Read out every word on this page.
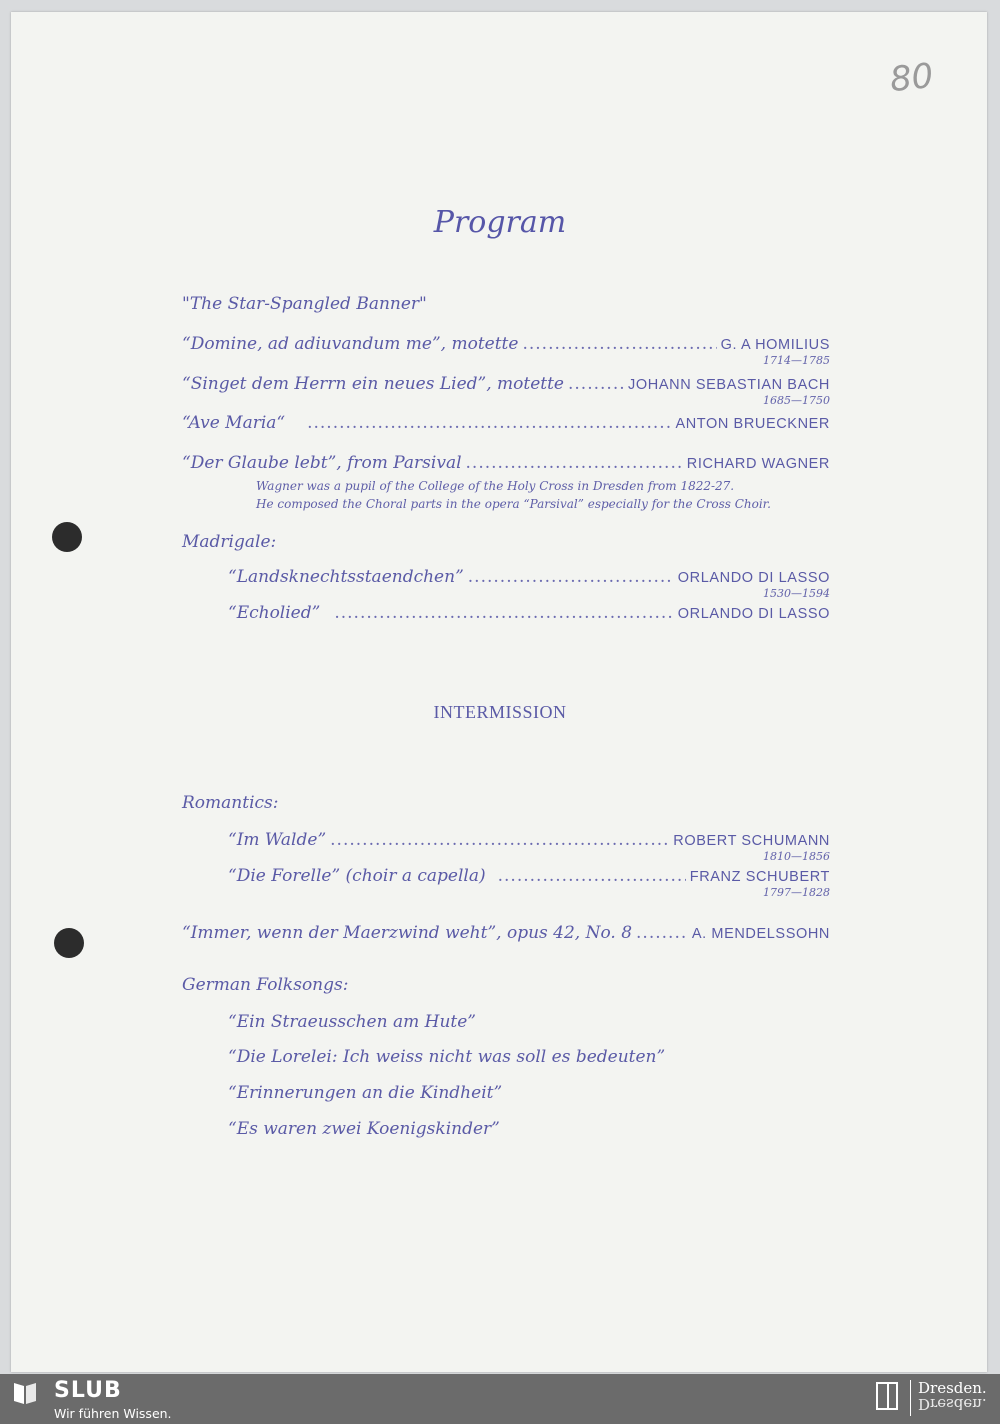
80
Program
"The Star-Spangled Banner"
“Domine, ad adiuvandum me”, motette .....	G. A HOMILIUS
1714—1785
“Singet dem Herrn ein neues Lied”, motette .....	JOHANN SEBASTIAN BACH
1685—1750
“Ave Maria“ .....	ANTON BRUECKNER
“Der Glaube lebt”, from Parsival .....	RICHARD WAGNER
Wagner was a pupil of the College of the Holy Cross in Dresden from 1822-27.
He composed the Choral parts in the opera “Parsival” especially for the Cross Choir.
Madrigale:
“Landsknechtsstaendchen” .....	ORLANDO DI LASSO
1530—1594
“Echolied” .....	ORLANDO DI LASSO
INTERMISSION
Romantics:
“Im Walde” .....	ROBERT SCHUMANN
1810—1856
“Die Forelle” (choir a capella) .....	FRANZ SCHUBERT
1797—1828
“Immer, wenn der Maerzwind weht”, opus 42, No. 8 .....	A. MENDELSSOHN
German Folksongs:
“Ein Straeusschen am Hute”
“Die Lorelei: Ich weiss nicht was soll es bedeuten”
“Erinnerungen an die Kindheit”
“Es waren zwei Koenigskinder”
SLUB
Wir führen Wissen.
Dresden.
Dresden.
